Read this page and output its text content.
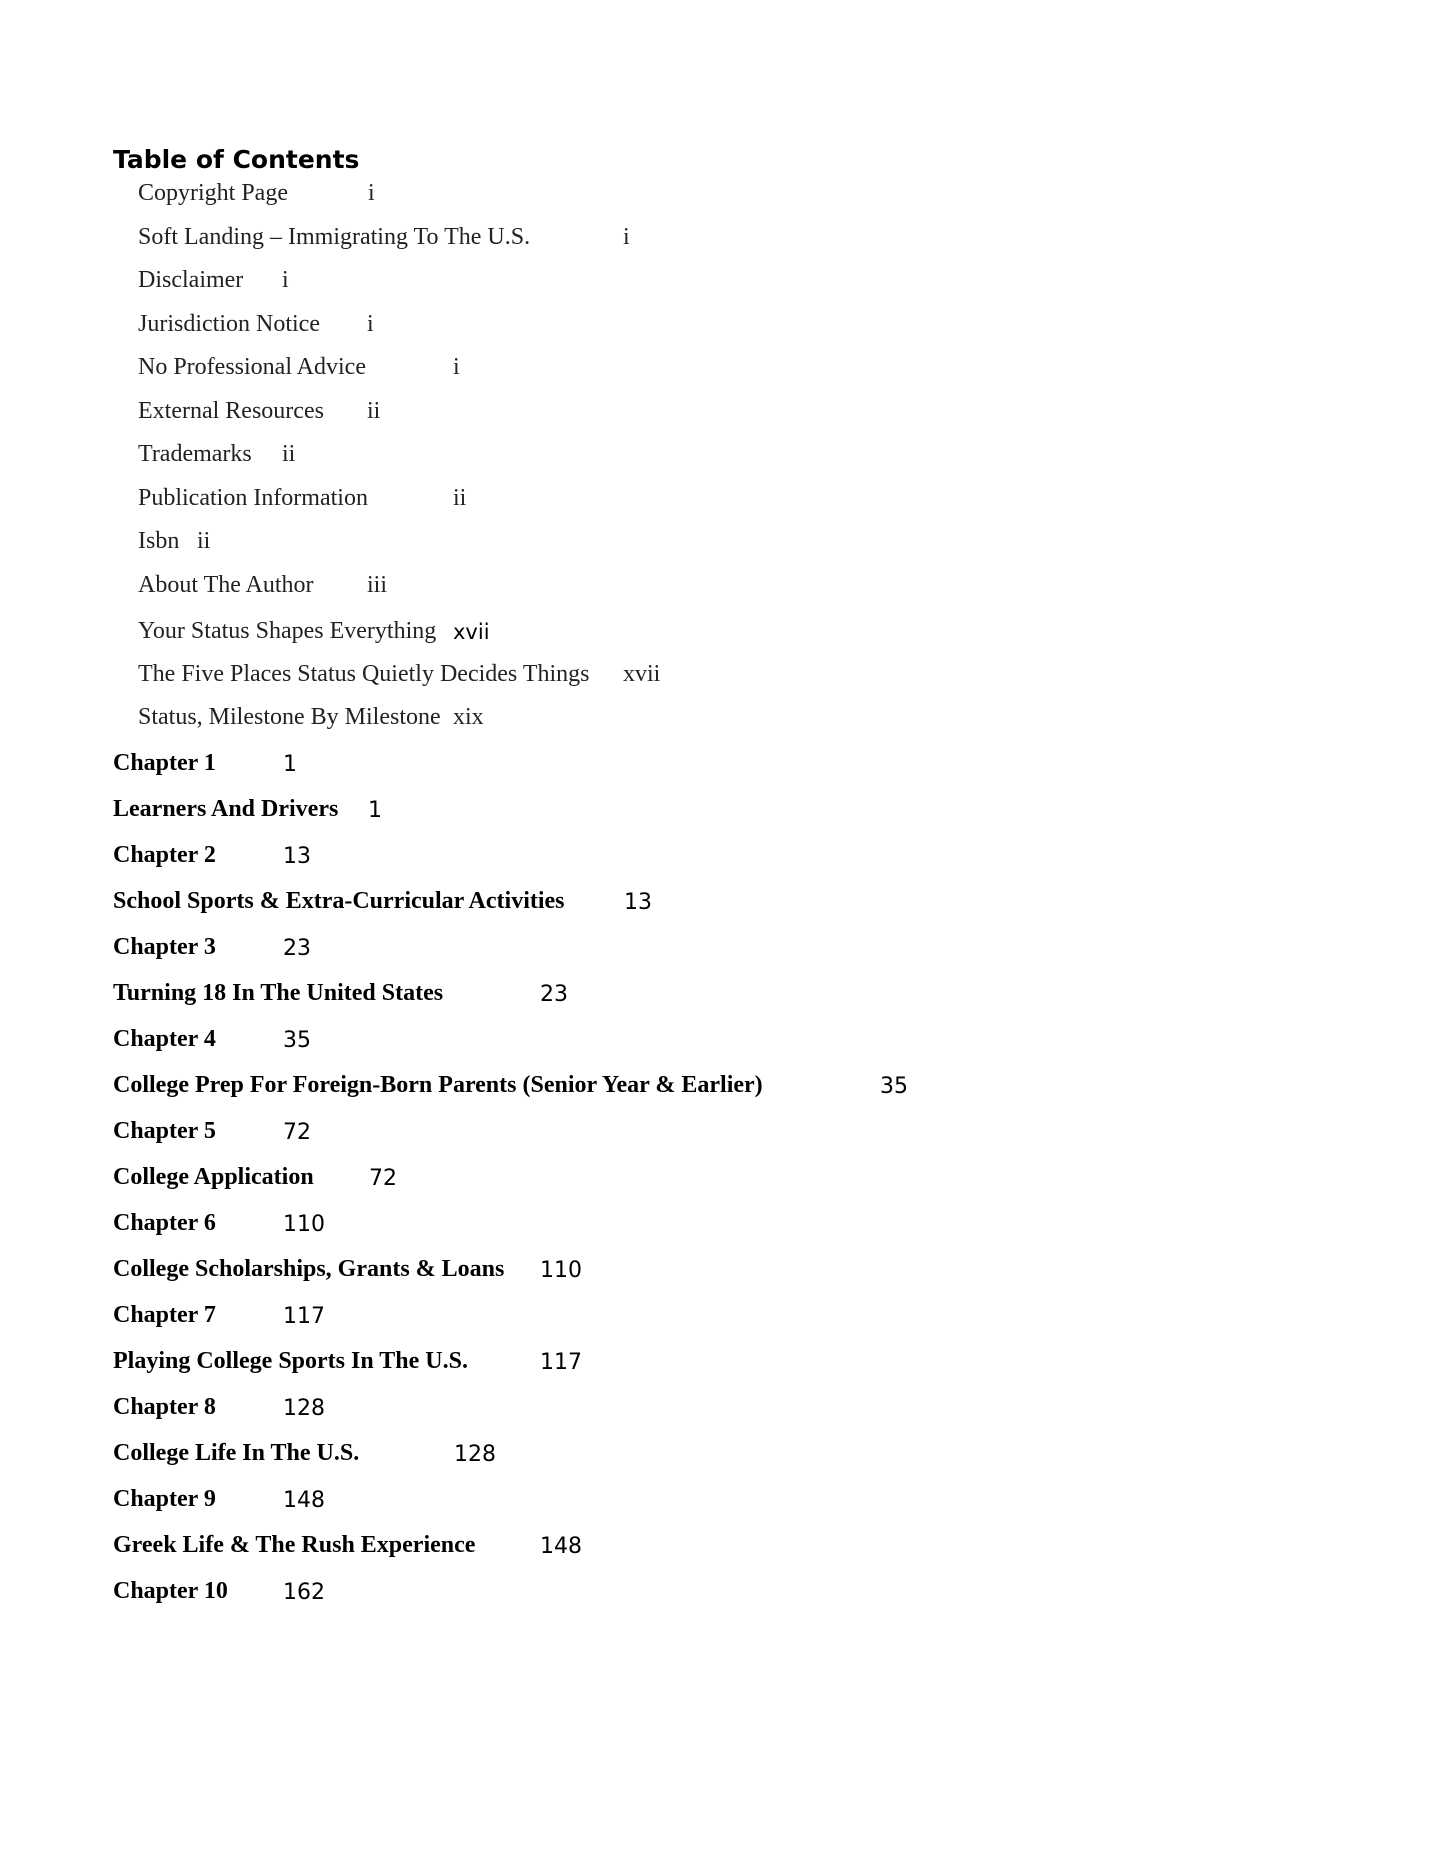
Table of Contents
Copyright Page	i
Soft Landing – Immigrating To The U.S.	i
Disclaimer i
Jurisdiction Notice i
No Professional Advice	i
External Resources ii
Trademarks ii
Publication Information	ii
Isbn ii
About The Author iii
Your Status Shapes Everything xvii
The Five Places Status Quietly Decides Things xvii
Status, Milestone By Milestone xix
Chapter 1	1
Learners And Drivers 1
Chapter 2	13
School Sports & Extra-Curricular Activities	13
Chapter 3	23
Turning 18 In The United States	23
Chapter 4	35
College Prep For Foreign-Born Parents (Senior Year & Earlier)	35
Chapter 5	72
College Application	72
Chapter 6	110
College Scholarships, Grants & Loans 110
Chapter 7	117
Playing College Sports In The U.S.	117
Chapter 8	128
College Life In The U.S.	128
Chapter 9	148
Greek Life & The Rush Experience	148
Chapter 10	162
